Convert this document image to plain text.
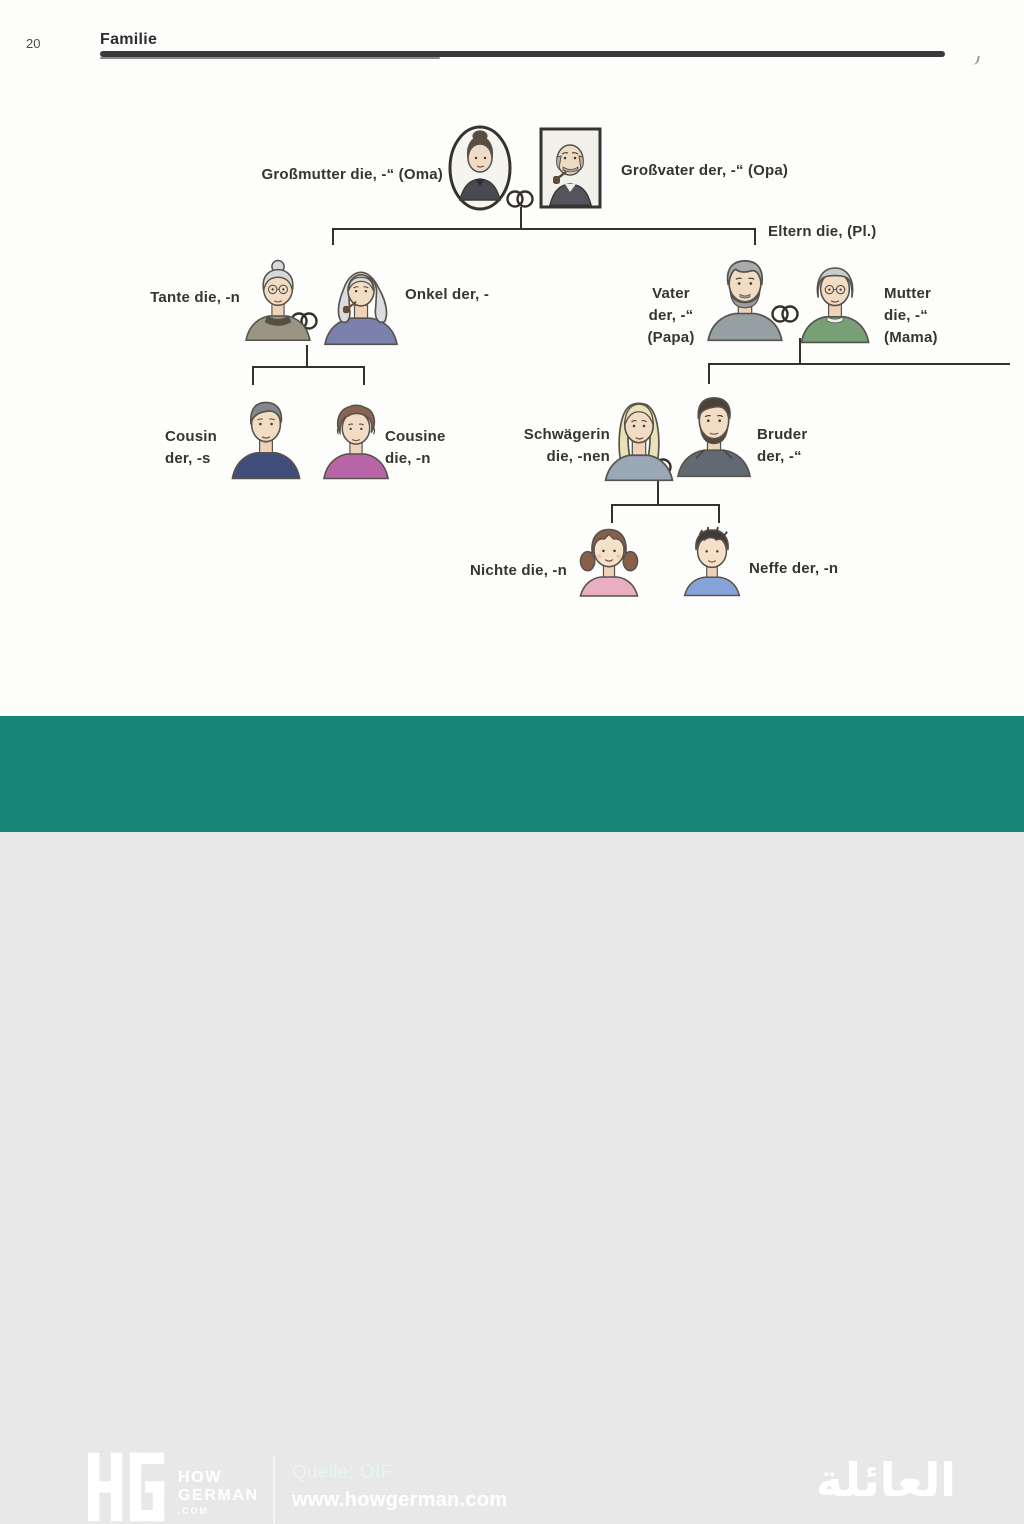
20	Familie
Großmutter die, -“ (Oma)	Großvater der, -“ (Opa)
Eltern die, (Pl.)
Tante die, -n	Onkel der, -	Vater
der, -“
(Papa)
Mutter
die, -“
(Mama)
Cousin
der, -s
Cousine
die, -n
Schwägerin
die, -nen
Bruder
der, -“
Nichte die, -n	Neffe der, -n
HOW
GERMAN
.COM
Quelle: ÖIF
www.howgerman.com	العائلة
